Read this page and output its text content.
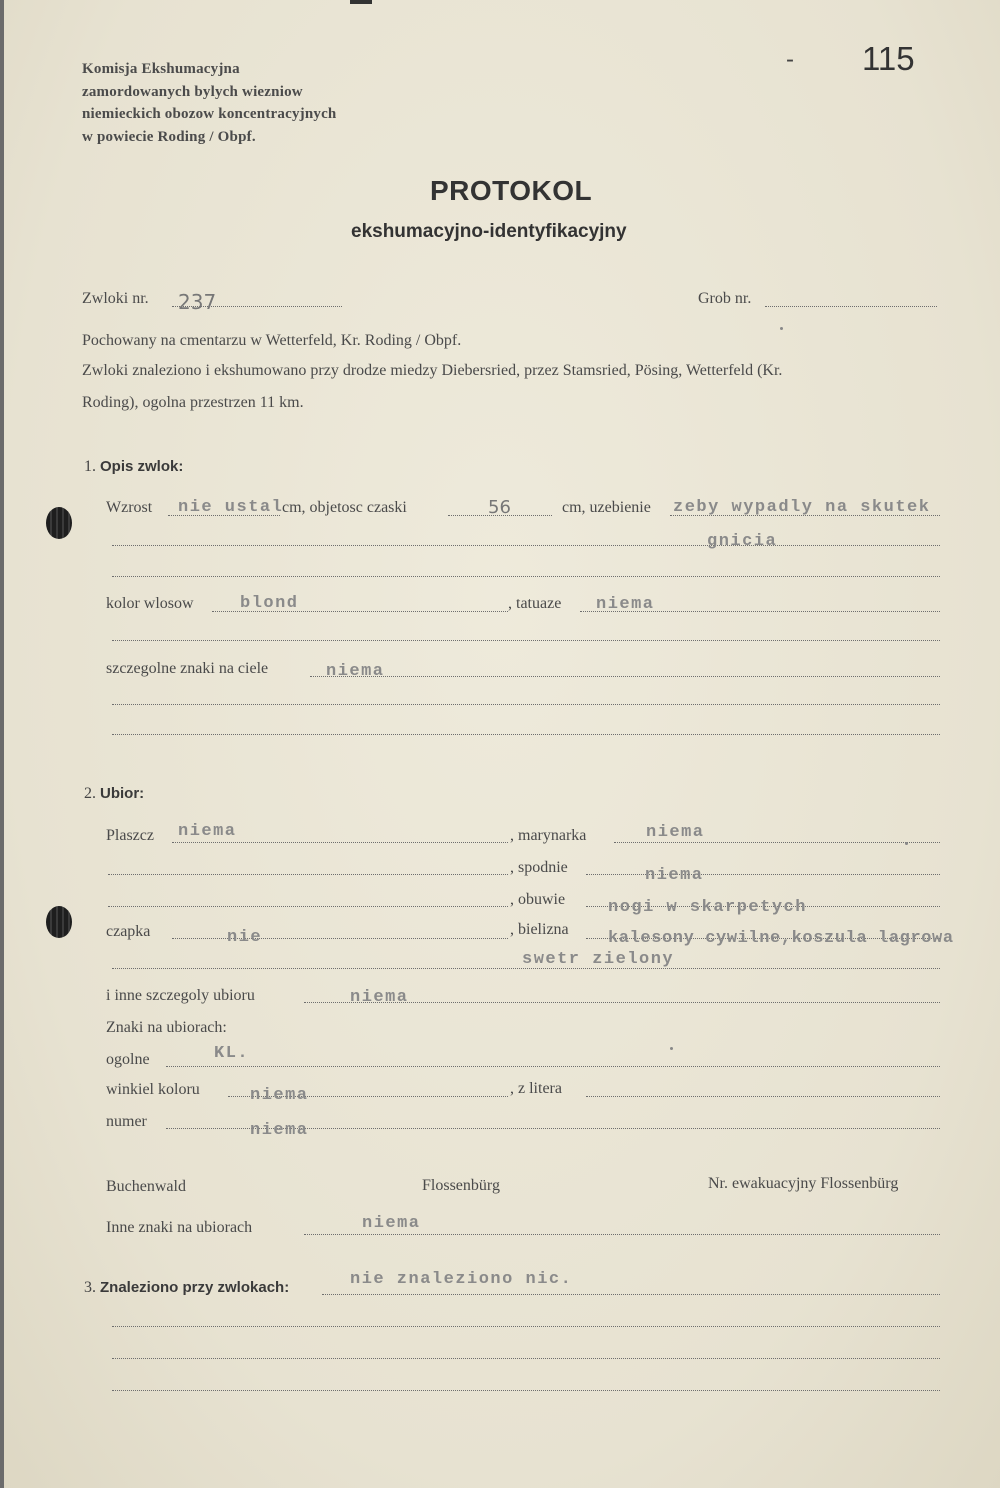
Komisja Ekshumacyjna
zamordowanych bylych wiezniow
niemieckich obozow koncentracyjnych
w powiecie Roding / Obpf.
- 115
PROTOKOL
ekshumacyjno-identyfikacyjny
Zwloki nr. 237	Grob nr.
Pochowany na cmentarzu w Wetterfeld, Kr. Roding / Obpf.
Zwloki znaleziono i ekshumowano przy drodze miedzy Diebersried, przez Stamsried, Pösing, Wetterfeld (Kr.
Roding), ogolna przestrzen 11 km.
1. Opis zwlok:
Wzrost nie ustal
cm, objetosc czaski	56	cm, uzebienie zeby wypadly na skutek
gnicia
kolor wlosow	blond	, tatuaze niema
szczegolne znaki na ciele	niema
2. Ubior:
Plaszcz niema	, marynarka	niema
, spodnie	niema
, obuwie	nogi w skarpetych
czapka	nie	, bielizna kalesony cywilne,koszula lagrowa
swetr zielony
i inne szczegoly ubioru	niema
Znaki na ubiorach:
ogolne	KL.
winkiel koloru	niema	, z litera
numer	niema
Buchenwald	Flossenbürg	Nr. ewakuacyjny Flossenbürg
Inne znaki na ubiorach	niema
3. Znaleziono przy zwlokach:	nie znaleziono nic.
